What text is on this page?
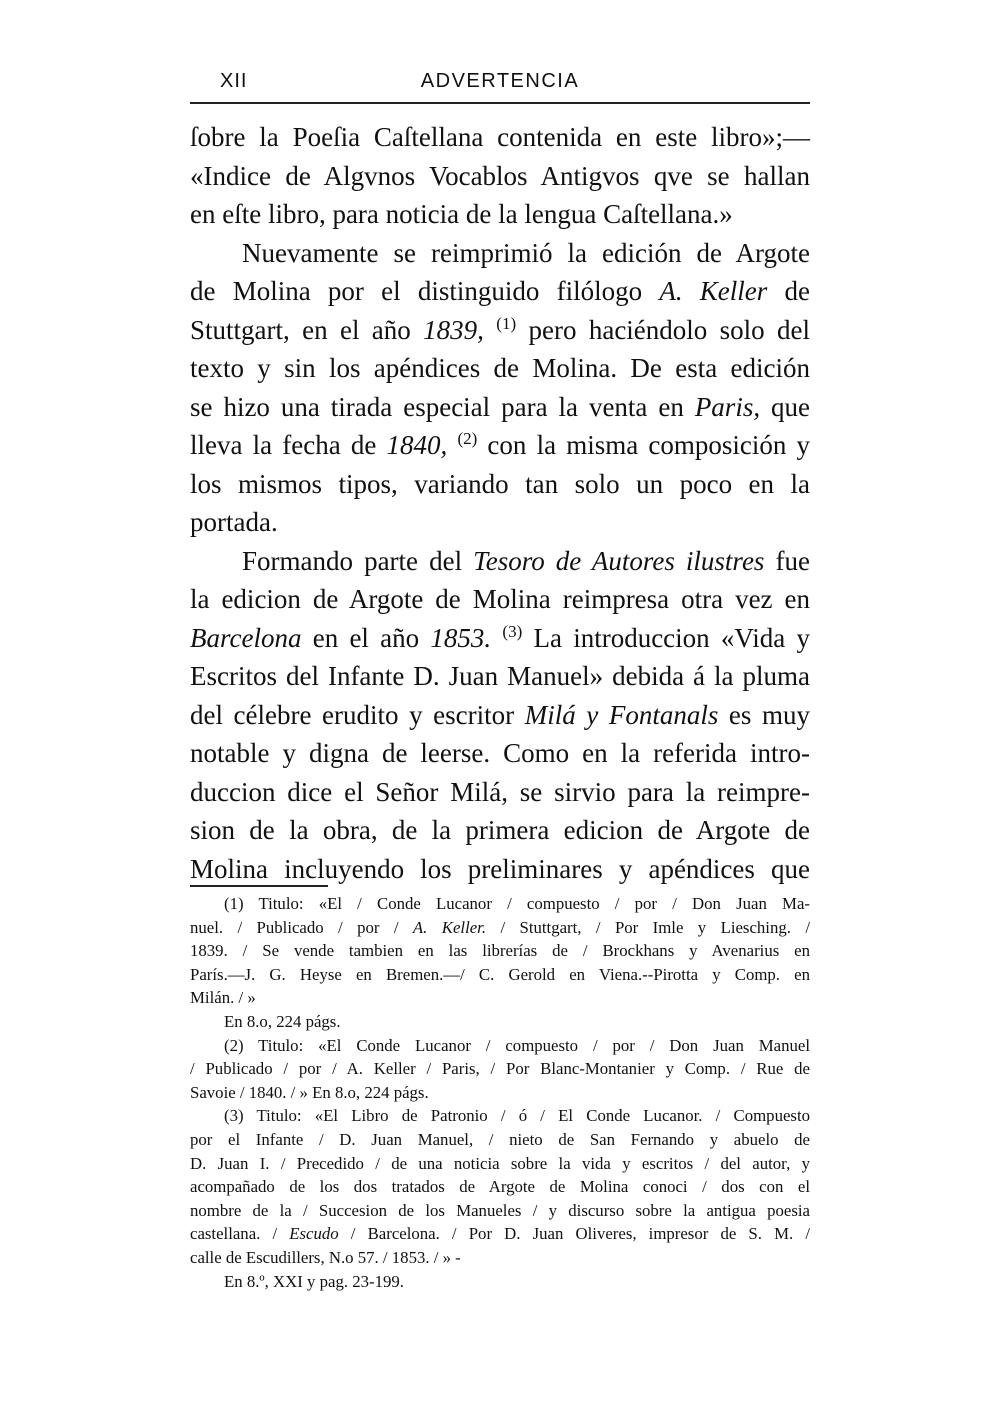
XII	ADVERTENCIA

ſobre la Poeſia Caſtellana contenida en este libro»;—
«Indice de Algvnos Vocablos Antigvos qve se hallan
en eſte libro, para noticia de la lengua Caſtellana.»

Nuevamente se reimprimió la edición de Argote
de Molina por el distinguido filólogo A. Keller de
Stuttgart, en el año 1839, $^{(1)}$ pero haciéndolo solo del
texto y sin los apéndices de Molina. De esta edición
se hizo una tirada especial para la venta en Paris, que
lleva la fecha de 1840, $^{(2)}$ con la misma composición y
los mismos tipos, variando tan solo un poco en la
portada.

Formando parte del Tesoro de Autores ilustres fue
la edicion de Argote de Molina reimpresa otra vez en
Barcelona en el año 1853. $^{(3)}$ La introduccion «Vida y
Escritos del Infante D. Juan Manuel» debida á la pluma
del célebre erudito y escritor Milá y Fontanals es muy
notable y digna de leerse. Como en la referida intro-
duccion dice el Señor Milá, se sirvio para la reimpre-
sion de la obra, de la primera edicion de Argote de
Molina incluyendo los preliminares y apéndices que

(1) Titulo: «El / Conde Lucanor / compuesto / por / Don Juan Ma-
nuel. / Publicado / por / A. Keller. / Stuttgart, / Por Imle y Liesching. /
1839. / Se vende tambien en las librerías de / Brockhans y Avenarius en
París.—J. G. Heyse en Bremen.—/ C. Gerold en Viena.--Pirotta y Comp. en
Milán. / »
En 8.o, 224 págs.
(2) Titulo: «El Conde Lucanor / compuesto / por / Don Juan Manuel
/ Publicado / por / A. Keller / Paris, / Por Blanc-Montanier y Comp. / Rue de
Savoie / 1840. / » En 8.o, 224 págs.
(3) Titulo: «El Libro de Patronio / ó / El Conde Lucanor. / Compuesto
por el Infante / D. Juan Manuel, / nieto de San Fernando y abuelo de
D. Juan I. / Precedido / de una noticia sobre la vida y escritos / del autor, y
acompañado de los dos tratados de Argote de Molina conoci / dos con el
nombre de la / Succesion de los Manueles / y discurso sobre la antigua poesia
castellana. / Escudo / Barcelona. / Por D. Juan Oliveres, impresor de S. M. /
calle de Escudillers, N.o 57. / 1853. / » -
En 8.º, XXI y pag. 23-199.
